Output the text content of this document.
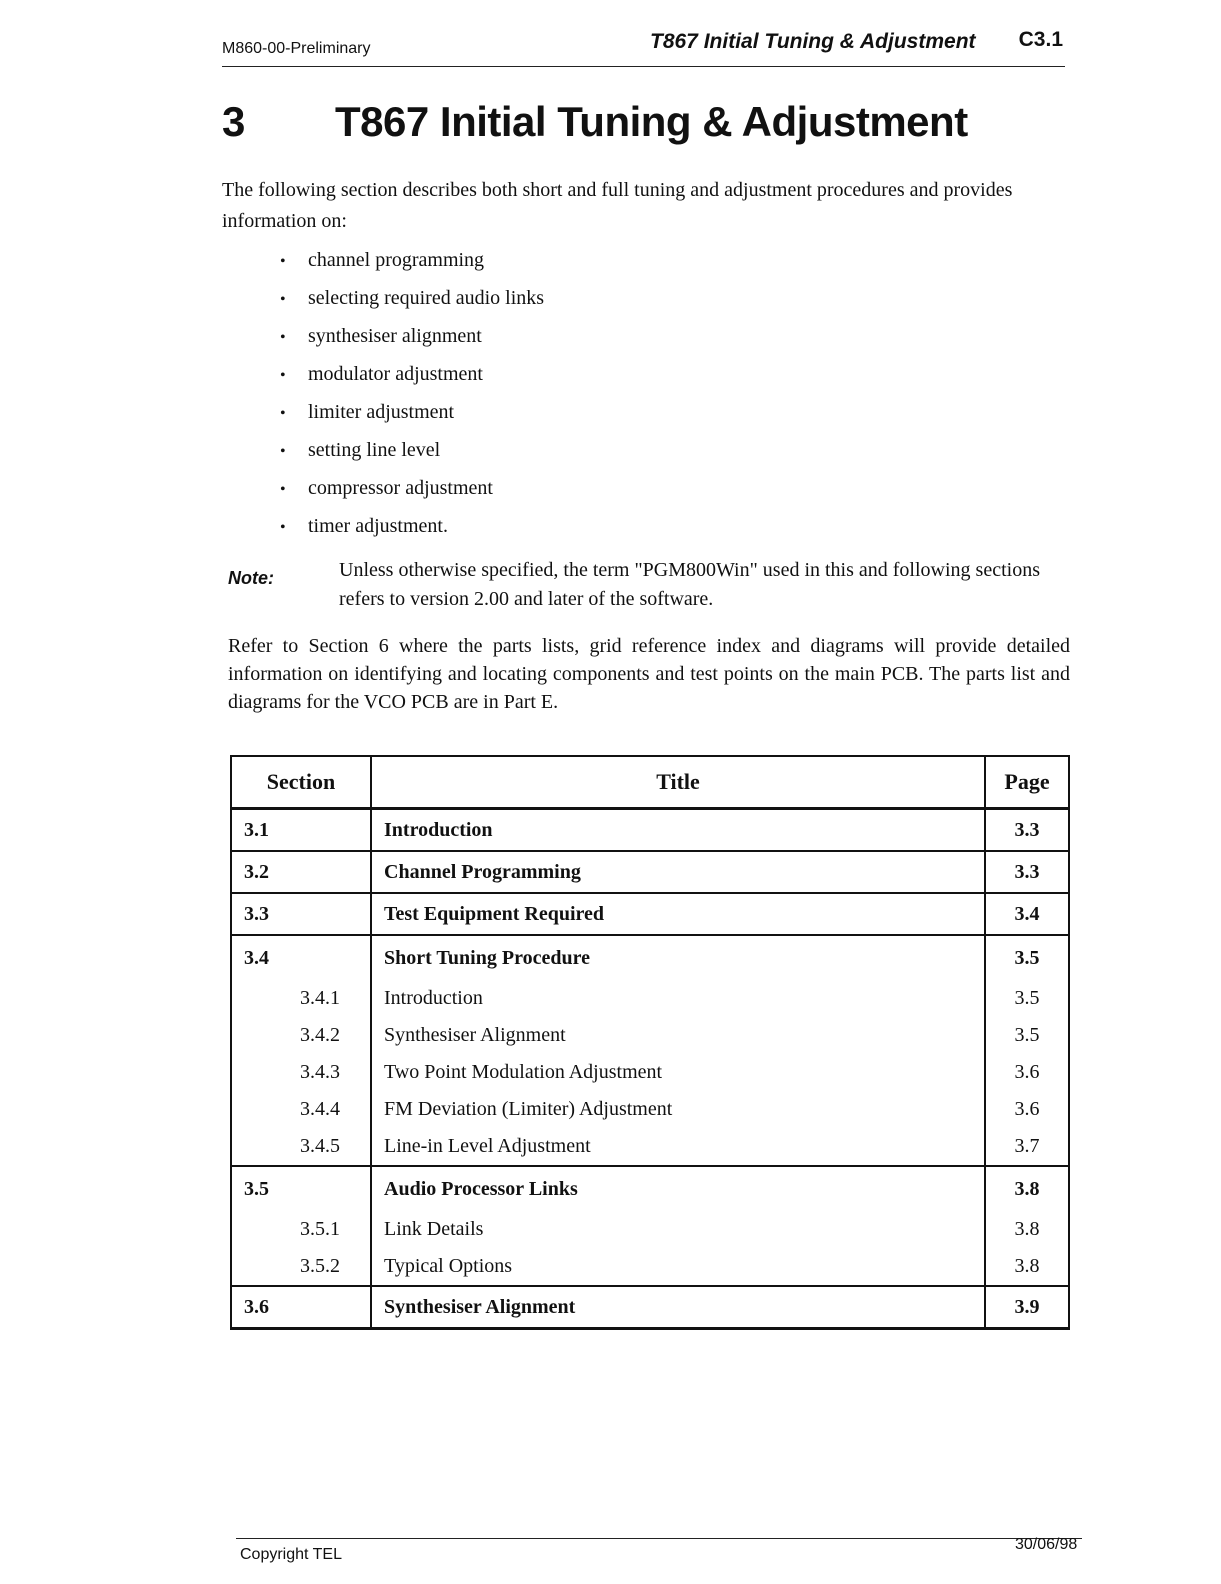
M860-00-Preliminary	T867 Initial Tuning & Adjustment C3.1
3 T867 Initial Tuning & Adjustment
The following section describes both short and full tuning and adjustment procedures and provides information on:
• channel programming
• selecting required audio links
• synthesiser alignment
• modulator adjustment
• limiter adjustment
• setting line level
• compressor adjustment
• timer adjustment.
Note:	Unless otherwise specified, the term "PGM800Win" used in this and following sections refers to version 2.00 and later of the software.
Refer to Section 6 where the parts lists, grid reference index and diagrams will provide detailed information on identifying and locating components and test points on the main PCB. The parts list and diagrams for the VCO PCB are in Part E.
Section	Title	Page
3.1	Introduction	3.3
3.2	Channel Programming	3.3
3.3	Test Equipment Required	3.4
3.4	Short Tuning Procedure	3.5
3.4.1	Introduction	3.5
3.4.2	Synthesiser Alignment	3.5
3.4.3	Two Point Modulation Adjustment	3.6
3.4.4	FM Deviation (Limiter) Adjustment	3.6
3.4.5	Line-in Level Adjustment	3.7
3.5	Audio Processor Links	3.8
3.5.1	Link Details	3.8
3.5.2	Typical Options	3.8
3.6	Synthesiser Alignment	3.9
Copyright TEL
30/06/98
